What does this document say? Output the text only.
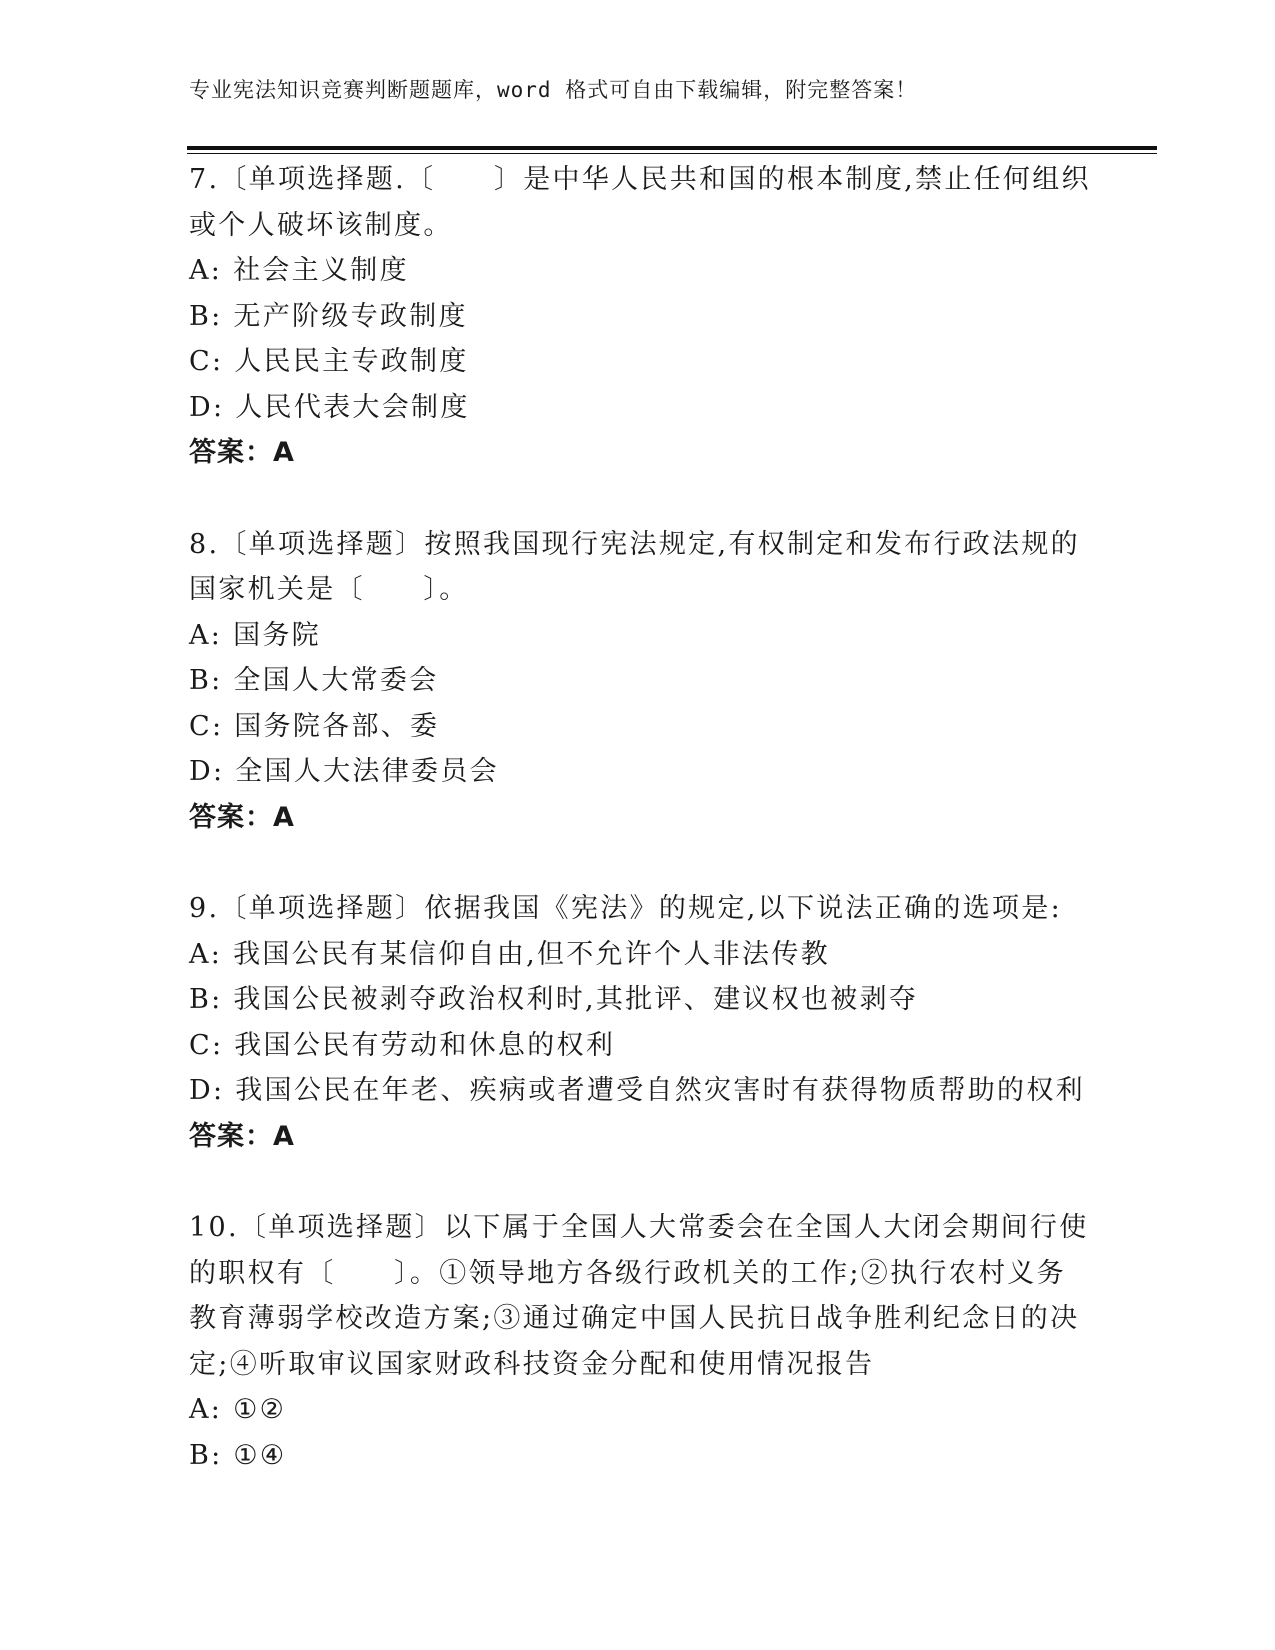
专业宪法知识竞赛判断题题库，word 格式可自由下载编辑，附完整答案！
7.〔单项选择题.〔　　〕是中华人民共和国的根本制度,禁止任何组织
或个人破坏该制度。
A: 社会主义制度
B: 无产阶级专政制度
C: 人民民主专政制度
D: 人民代表大会制度
答案：A
8.〔单项选择题〕按照我国现行宪法规定,有权制定和发布行政法规的
国家机关是〔　　〕。
A: 国务院
B: 全国人大常委会
C: 国务院各部、委
D: 全国人大法律委员会
答案：A
9.〔单项选择题〕依据我国《宪法》的规定,以下说法正确的选项是:
A: 我国公民有某信仰自由,但不允许个人非法传教
B: 我国公民被剥夺政治权利时,其批评、建议权也被剥夺
C: 我国公民有劳动和休息的权利
D: 我国公民在年老、疾病或者遭受自然灾害时有获得物质帮助的权利
答案：A
10.〔单项选择题〕以下属于全国人大常委会在全国人大闭会期间行使
的职权有〔　　〕。①领导地方各级行政机关的工作;②执行农村义务
教育薄弱学校改造方案;③通过确定中国人民抗日战争胜利纪念日的决
定;④听取审议国家财政科技资金分配和使用情况报告
A: ①②
B: ①④
